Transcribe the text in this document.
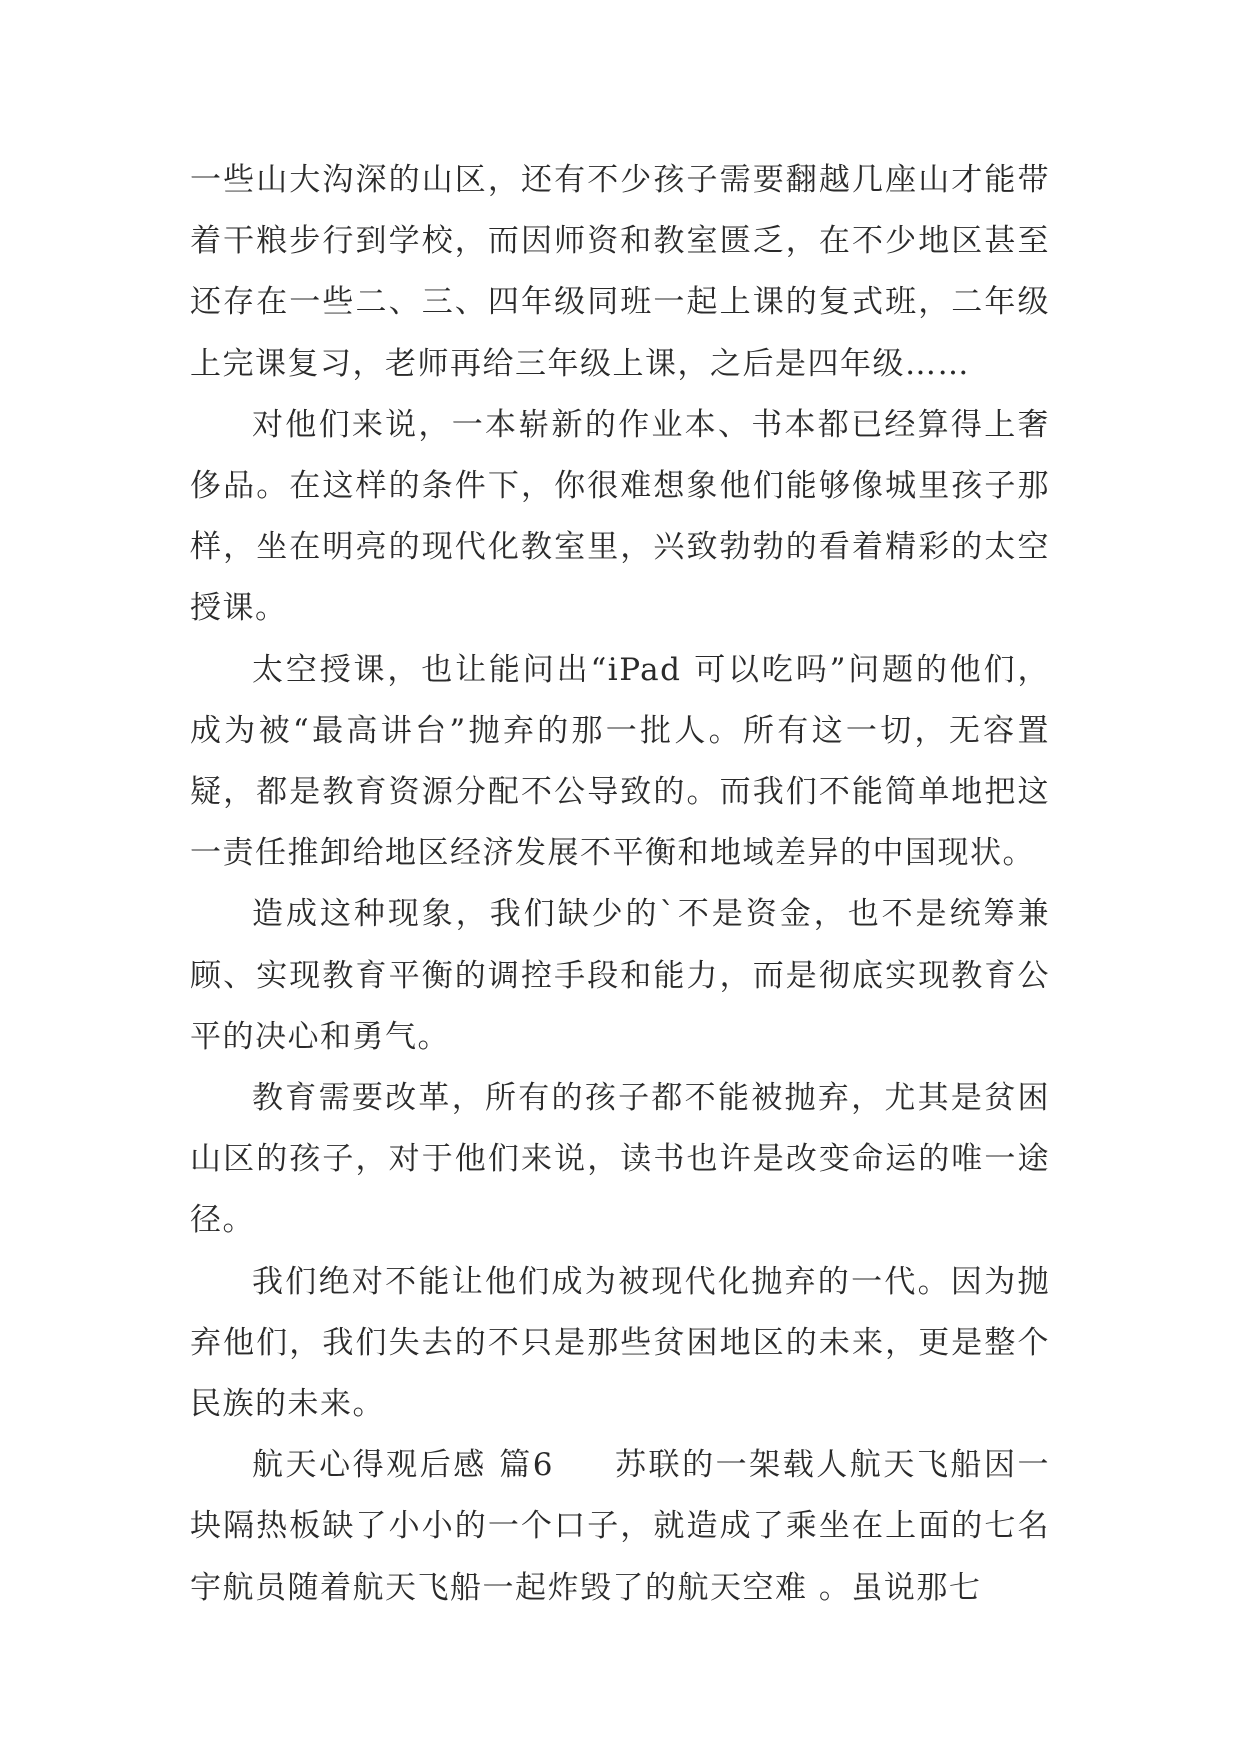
一些山大沟深的山区，还有不少孩子需要翻越几座山才能带着干粮步行到学校，而因师资和教室匮乏，在不少地区甚至还存在一些二、三、四年级同班一起上课的复式班，二年级上完课复习，老师再给三年级上课，之后是四年级……

对他们来说，一本崭新的作业本、书本都已经算得上奢侈品。在这样的条件下，你很难想象他们能够像城里孩子那样，坐在明亮的现代化教室里，兴致勃勃的看着精彩的太空授课。

太空授课，也让能问出“iPad 可以吃吗”问题的他们，成为被“最高讲台”抛弃的那一批人。所有这一切，无容置疑，都是教育资源分配不公导致的。而我们不能简单地把这一责任推卸给地区经济发展不平衡和地域差异的中国现状。

造成这种现象，我们缺少的`不是资金，也不是统筹兼顾、实现教育平衡的调控手段和能力，而是彻底实现教育公平的决心和勇气。

教育需要改革，所有的孩子都不能被抛弃，尤其是贫困山区的孩子，对于他们来说，读书也许是改变命运的唯一途径。

我们绝对不能让他们成为被现代化抛弃的一代。因为抛弃他们，我们失去的不只是那些贫困地区的未来，更是整个民族的未来。

航天心得观后感 篇6 苏联的一架载人航天飞船因一块隔热板缺了小小的一个口子，就造成了乘坐在上面的七名宇航员随着航天飞船一起炸毁了的航天空难 。虽说那七
